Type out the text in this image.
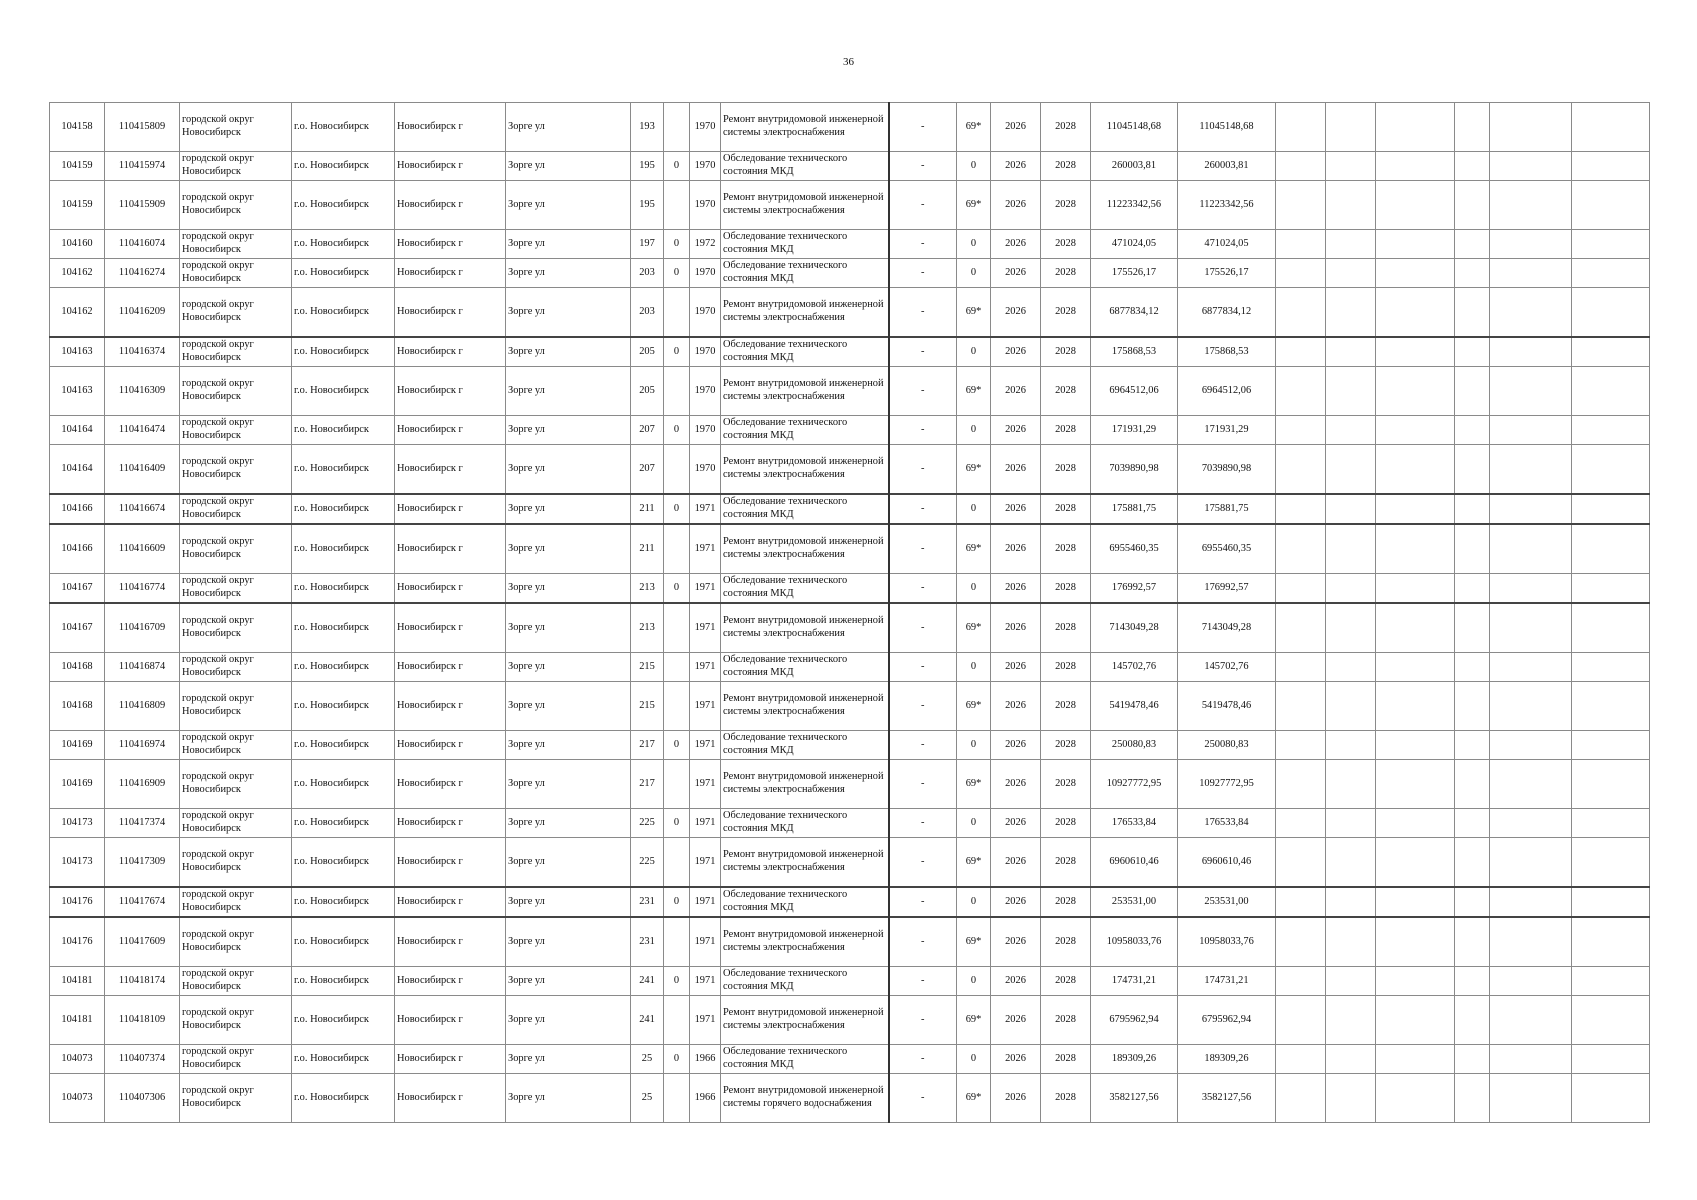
36
104158	110415809	городской округ Новосибирск	г.о. Новосибирск	Новосибирск г	Зорге ул	193		1970	Ремонт внутридомовой инженерной системы электроснабжения	-	69*	2026	2028	11045148,68	11045148,68						
104159	110415974	городской округ Новосибирск	г.о. Новосибирск	Новосибирск г	Зорге ул	195	0	1970	Обследование технического состояния МКД	-	0	2026	2028	260003,81	260003,81						
104159	110415909	городской округ Новосибирск	г.о. Новосибирск	Новосибирск г	Зорге ул	195		1970	Ремонт внутридомовой инженерной системы электроснабжения	-	69*	2026	2028	11223342,56	11223342,56						
104160	110416074	городской округ Новосибирск	г.о. Новосибирск	Новосибирск г	Зорге ул	197	0	1972	Обследование технического состояния МКД	-	0	2026	2028	471024,05	471024,05						
104162	110416274	городской округ Новосибирск	г.о. Новосибирск	Новосибирск г	Зорге ул	203	0	1970	Обследование технического состояния МКД	-	0	2026	2028	175526,17	175526,17						
104162	110416209	городской округ Новосибирск	г.о. Новосибирск	Новосибирск г	Зорге ул	203		1970	Ремонт внутридомовой инженерной системы электроснабжения	-	69*	2026	2028	6877834,12	6877834,12						
104163	110416374	городской округ Новосибирск	г.о. Новосибирск	Новосибирск г	Зорге ул	205	0	1970	Обследование технического состояния МКД	-	0	2026	2028	175868,53	175868,53						
104163	110416309	городской округ Новосибирск	г.о. Новосибирск	Новосибирск г	Зорге ул	205		1970	Ремонт внутридомовой инженерной системы электроснабжения	-	69*	2026	2028	6964512,06	6964512,06						
104164	110416474	городской округ Новосибирск	г.о. Новосибирск	Новосибирск г	Зорге ул	207	0	1970	Обследование технического состояния МКД	-	0	2026	2028	171931,29	171931,29						
104164	110416409	городской округ Новосибирск	г.о. Новосибирск	Новосибирск г	Зорге ул	207		1970	Ремонт внутридомовой инженерной системы электроснабжения	-	69*	2026	2028	7039890,98	7039890,98						
104166	110416674	городской округ Новосибирск	г.о. Новосибирск	Новосибирск г	Зорге ул	211	0	1971	Обследование технического состояния МКД	-	0	2026	2028	175881,75	175881,75						
104166	110416609	городской округ Новосибирск	г.о. Новосибирск	Новосибирск г	Зорге ул	211		1971	Ремонт внутридомовой инженерной системы электроснабжения	-	69*	2026	2028	6955460,35	6955460,35						
104167	110416774	городской округ Новосибирск	г.о. Новосибирск	Новосибирск г	Зорге ул	213	0	1971	Обследование технического состояния МКД	-	0	2026	2028	176992,57	176992,57						
104167	110416709	городской округ Новосибирск	г.о. Новосибирск	Новосибирск г	Зорге ул	213		1971	Ремонт внутридомовой инженерной системы электроснабжения	-	69*	2026	2028	7143049,28	7143049,28						
104168	110416874	городской округ Новосибирск	г.о. Новосибирск	Новосибирск г	Зорге ул	215		1971	Обследование технического состояния МКД	-	0	2026	2028	145702,76	145702,76						
104168	110416809	городской округ Новосибирск	г.о. Новосибирск	Новосибирск г	Зорге ул	215		1971	Ремонт внутридомовой инженерной системы электроснабжения	-	69*	2026	2028	5419478,46	5419478,46						
104169	110416974	городской округ Новосибирск	г.о. Новосибирск	Новосибирск г	Зорге ул	217	0	1971	Обследование технического состояния МКД	-	0	2026	2028	250080,83	250080,83						
104169	110416909	городской округ Новосибирск	г.о. Новосибирск	Новосибирск г	Зорге ул	217		1971	Ремонт внутридомовой инженерной системы электроснабжения	-	69*	2026	2028	10927772,95	10927772,95						
104173	110417374	городской округ Новосибирск	г.о. Новосибирск	Новосибирск г	Зорге ул	225	0	1971	Обследование технического состояния МКД	-	0	2026	2028	176533,84	176533,84						
104173	110417309	городской округ Новосибирск	г.о. Новосибирск	Новосибирск г	Зорге ул	225		1971	Ремонт внутридомовой инженерной системы электроснабжения	-	69*	2026	2028	6960610,46	6960610,46						
104176	110417674	городской округ Новосибирск	г.о. Новосибирск	Новосибирск г	Зорге ул	231	0	1971	Обследование технического состояния МКД	-	0	2026	2028	253531,00	253531,00						
104176	110417609	городской округ Новосибирск	г.о. Новосибирск	Новосибирск г	Зорге ул	231		1971	Ремонт внутридомовой инженерной системы электроснабжения	-	69*	2026	2028	10958033,76	10958033,76						
104181	110418174	городской округ Новосибирск	г.о. Новосибирск	Новосибирск г	Зорге ул	241	0	1971	Обследование технического состояния МКД	-	0	2026	2028	174731,21	174731,21						
104181	110418109	городской округ Новосибирск	г.о. Новосибирск	Новосибирск г	Зорге ул	241		1971	Ремонт внутридомовой инженерной системы электроснабжения	-	69*	2026	2028	6795962,94	6795962,94						
104073	110407374	городской округ Новосибирск	г.о. Новосибирск	Новосибирск г	Зорге ул	25	0	1966	Обследование технического состояния МКД	-	0	2026	2028	189309,26	189309,26						
104073	110407306	городской округ Новосибирск	г.о. Новосибирск	Новосибирск г	Зорге ул	25		1966	Ремонт внутридомовой инженерной системы горячего водоснабжения	-	69*	2026	2028	3582127,56	3582127,56						
